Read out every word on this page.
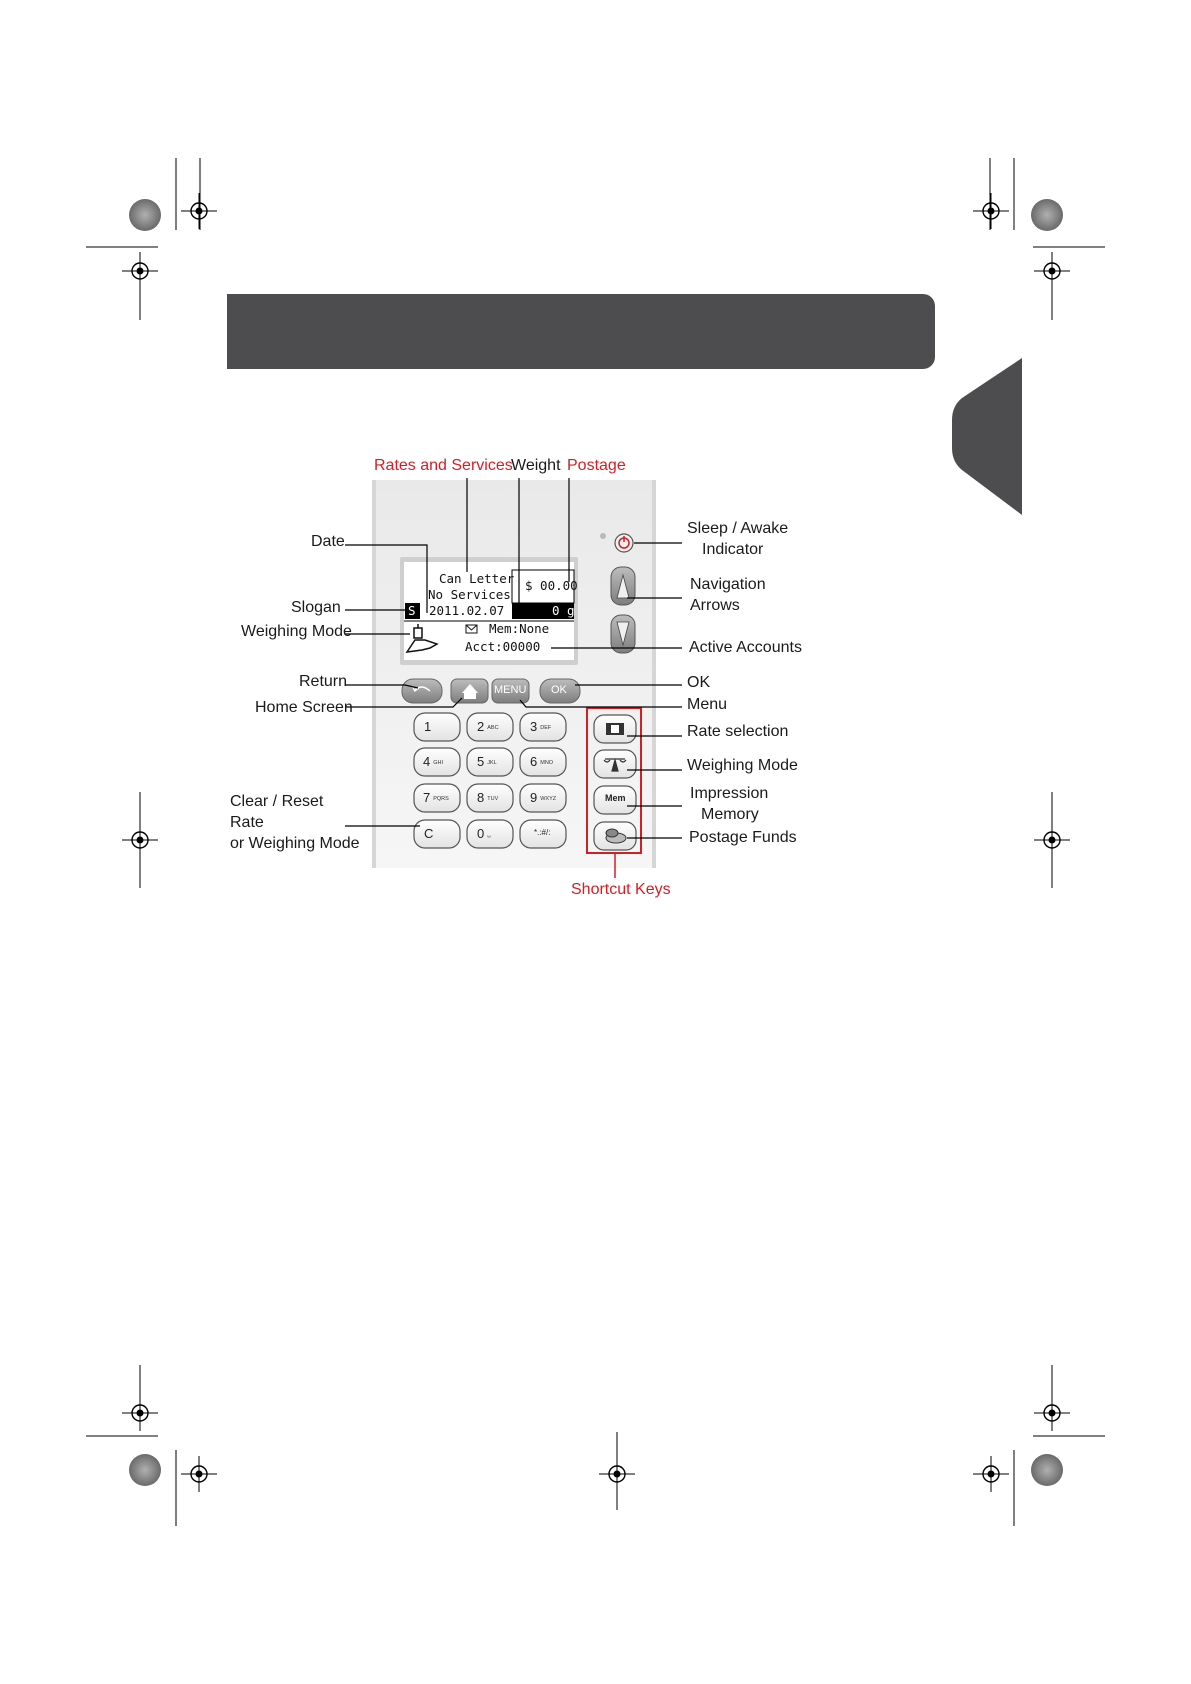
Can Letter
No Services
$ 00.00
S 2011.02.07	0 g
Mem:None
Acct:00000
MENU OK
1	2 ABC 3 DEF
4 GHI	5 JKL	6 MNO
7 PQRS 8 TUV 9 WXYZ
C	0 ␣	*.:#/:
Mem
Rates and Services
Weight Postage
Date
Slogan
Weighing Mode
Return
Home Screen
Clear / Reset
Rate
or Weighing Mode
Sleep / Awake
Indicator
Navigation
Arrows
Active Accounts
OK
Menu
Rate selection
Weighing Mode
Impression
Memory
Postage Funds
Shortcut Keys
